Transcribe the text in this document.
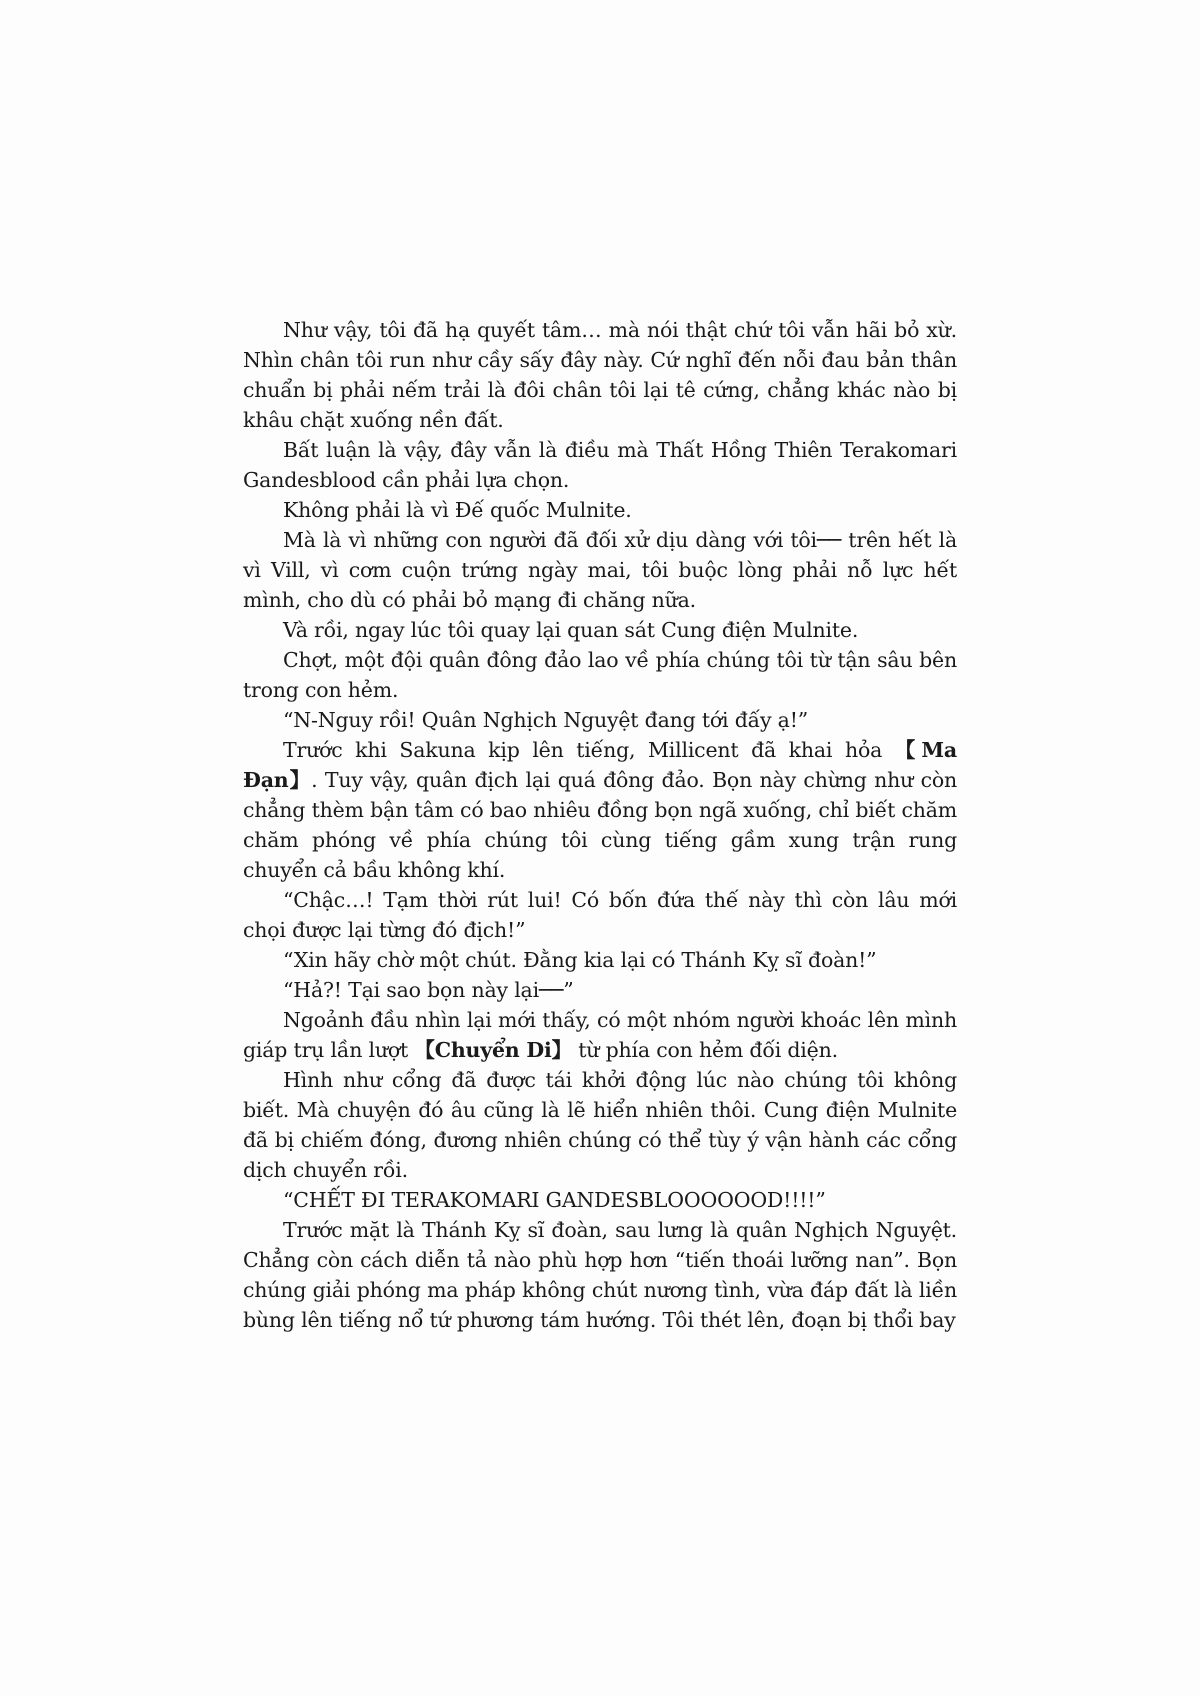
Như vậy, tôi đã hạ quyết tâm… mà nói thật chứ tôi vẫn hãi bỏ xừ. Nhìn chân tôi run như cầy sấy đây này. Cứ nghĩ đến nỗi đau bản thân chuẩn bị phải nếm trải là đôi chân tôi lại tê cứng, chẳng khác nào bị khâu chặt xuống nền đất.

Bất luận là vậy, đây vẫn là điều mà Thất Hồng Thiên Terakomari Gandesblood cần phải lựa chọn.

Không phải là vì Đế quốc Mulnite.

Mà là vì những con người đã đối xử dịu dàng với tôi── trên hết là vì Vill, vì cơm cuộn trứng ngày mai, tôi buộc lòng phải nỗ lực hết mình, cho dù có phải bỏ mạng đi chăng nữa.

Và rồi, ngay lúc tôi quay lại quan sát Cung điện Mulnite.

Chợt, một đội quân đông đảo lao về phía chúng tôi từ tận sâu bên trong con hẻm.

“N-Nguy rồi! Quân Nghịch Nguyệt đang tới đấy ạ!”

Trước khi Sakuna kịp lên tiếng, Millicent đã khai hỏa 【Ma Đạn】. Tuy vậy, quân địch lại quá đông đảo. Bọn này chừng như còn chẳng thèm bận tâm có bao nhiêu đồng bọn ngã xuống, chỉ biết chăm chăm phóng về phía chúng tôi cùng tiếng gầm xung trận rung chuyển cả bầu không khí.

“Chậc…! Tạm thời rút lui! Có bốn đứa thế này thì còn lâu mới chọi được lại từng đó địch!”

“Xin hãy chờ một chút. Đằng kia lại có Thánh Kỵ sĩ đoàn!”

“Hả?! Tại sao bọn này lại──”

Ngoảnh đầu nhìn lại mới thấy, có một nhóm người khoác lên mình giáp trụ lần lượt 【Chuyển Di】 từ phía con hẻm đối diện.

Hình như cổng đã được tái khởi động lúc nào chúng tôi không biết. Mà chuyện đó âu cũng là lẽ hiển nhiên thôi. Cung điện Mulnite đã bị chiếm đóng, đương nhiên chúng có thể tùy ý vận hành các cổng dịch chuyển rồi.

“CHẾT ĐI TERAKOMARI GANDESBLOOOOOOD!!!!”

Trước mặt là Thánh Kỵ sĩ đoàn, sau lưng là quân Nghịch Nguyệt. Chẳng còn cách diễn tả nào phù hợp hơn “tiến thoái lưỡng nan”. Bọn chúng giải phóng ma pháp không chút nương tình, vừa đáp đất là liền bùng lên tiếng nổ tứ phương tám hướng. Tôi thét lên, đoạn bị thổi bay
